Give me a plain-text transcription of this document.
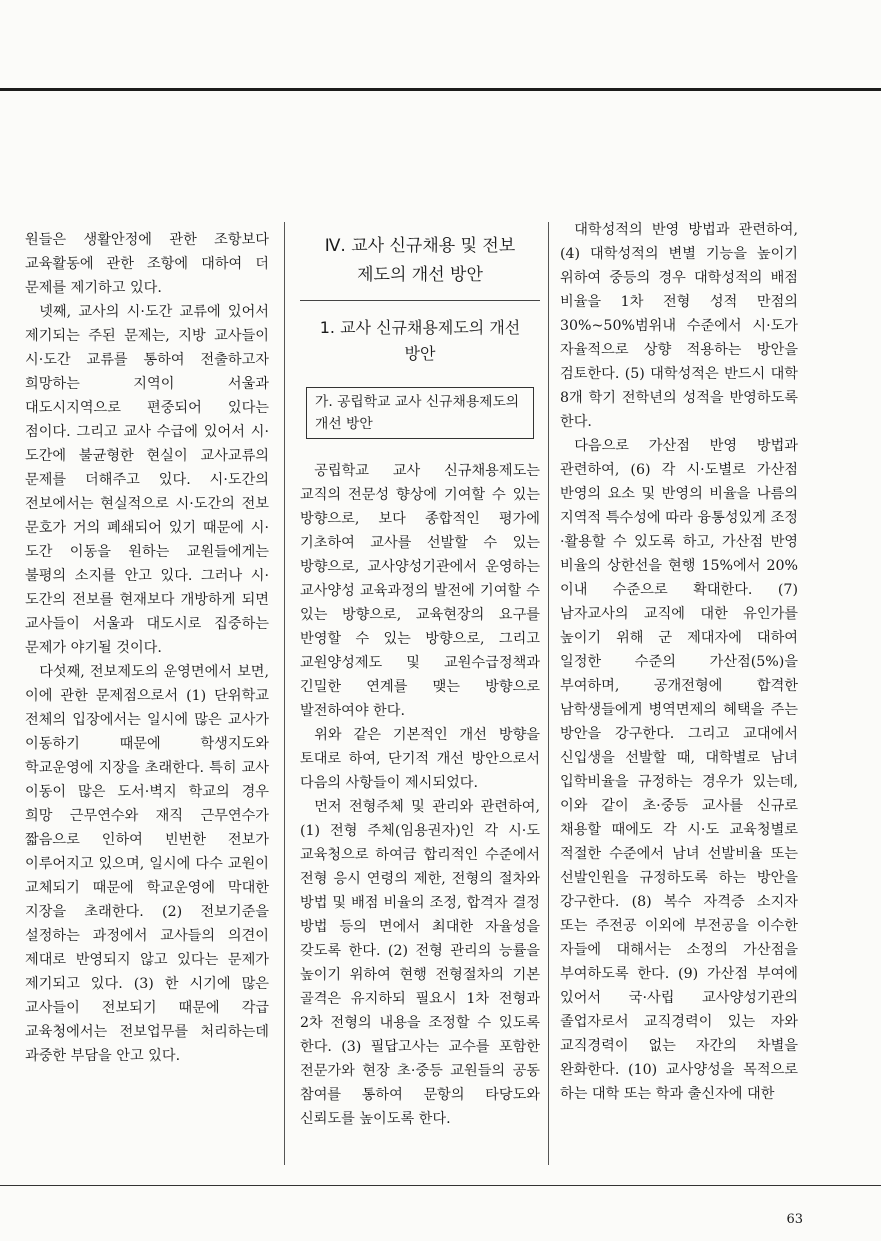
원들은 생활안정에 관한 조항보다 교육활동에 관한 조항에 대하여 더 문제를 제기하고 있다.

넷째, 교사의 시·도간 교류에 있어서 제기되는 주된 문제는, 지방 교사들이 시·도간 교류를 통하여 전출하고자 희망하는 지역이 서울과 대도시지역으로 편중되어 있다는 점이다. 그리고 교사 수급에 있어서 시·도간에 불균형한 현실이 교사교류의 문제를 더해주고 있다. 시·도간의 전보에서는 현실적으로 시·도간의 전보 문호가 거의 폐쇄되어 있기 때문에 시·도간 이동을 원하는 교원들에게는 불평의 소지를 안고 있다. 그러나 시·도간의 전보를 현재보다 개방하게 되면 교사들이 서울과 대도시로 집중하는 문제가 야기될 것이다.

다섯째, 전보제도의 운영면에서 보면, 이에 관한 문제점으로서 (1) 단위학교 전체의 입장에서는 일시에 많은 교사가 이동하기 때문에 학생지도와 학교운영에 지장을 초래한다. 특히 교사 이동이 많은 도서·벽지 학교의 경우 희망 근무연수와 재직 근무연수가 짧음으로 인하여 빈번한 전보가 이루어지고 있으며, 일시에 다수 교원이 교체되기 때문에 학교운영에 막대한 지장을 초래한다. (2) 전보기준을 설정하는 과정에서 교사들의 의견이 제대로 반영되지 않고 있다는 문제가 제기되고 있다. (3) 한 시기에 많은 교사들이 전보되기 때문에 각급 교육청에서는 전보업무를 처리하는데 과중한 부담을 안고 있다.

Ⅳ. 교사 신규채용 및 전보
제도의 개선 방안
1. 교사 신규채용제도의 개선
방안
가. 공립학교 교사 신규채용제도의 개선 방안

공립학교 교사 신규채용제도는 교직의 전문성 향상에 기여할 수 있는 방향으로, 보다 종합적인 평가에 기초하여 교사를 선발할 수 있는 방향으로, 교사양성기관에서 운영하는 교사양성 교육과정의 발전에 기여할 수 있는 방향으로, 교육현장의 요구를 반영할 수 있는 방향으로, 그리고 교원양성제도 및 교원수급정책과 긴밀한 연계를 맺는 방향으로 발전하여야 한다.

위와 같은 기본적인 개선 방향을 토대로 하여, 단기적 개선 방안으로서 다음의 사항들이 제시되었다.

먼저 전형주체 및 관리와 관련하여, (1) 전형 주체(임용권자)인 각 시·도 교육청으로 하여금 합리적인 수준에서 전형 응시 연령의 제한, 전형의 절차와 방법 및 배점 비율의 조정, 합격자 결정 방법 등의 면에서 최대한 자율성을 갖도록 한다. (2) 전형 관리의 능률을 높이기 위하여 현행 전형절차의 기본 골격은 유지하되 필요시 1차 전형과 2차 전형의 내용을 조정할 수 있도록 한다. (3) 필답고사는 교수를 포함한 전문가와 현장 초·중등 교원들의 공동 참여를 통하여 문항의 타당도와 신뢰도를 높이도록 한다.

대학성적의 반영 방법과 관련하여, (4) 대학성적의 변별 기능을 높이기 위하여 중등의 경우 대학성적의 배점 비율을 1차 전형 성적 만점의 30%~50%범위내 수준에서 시·도가 자율적으로 상향 적용하는 방안을 검토한다. (5) 대학성적은 반드시 대학 8개 학기 전학년의 성적을 반영하도록 한다.

다음으로 가산점 반영 방법과 관련하여, (6) 각 시·도별로 가산점 반영의 요소 및 반영의 비율을 나름의 지역적 특수성에 따라 융통성있게 조정·활용할 수 있도록 하고, 가산점 반영 비율의 상한선을 현행 15%에서 20%이내 수준으로 확대한다. (7) 남자교사의 교직에 대한 유인가를 높이기 위해 군 제대자에 대하여 일정한 수준의 가산점(5%)을 부여하며, 공개전형에 합격한 남학생들에게 병역면제의 혜택을 주는 방안을 강구한다. 그리고 교대에서 신입생을 선발할 때, 대학별로 남녀 입학비율을 규정하는 경우가 있는데, 이와 같이 초·중등 교사를 신규로 채용할 때에도 각 시·도 교육청별로 적절한 수준에서 남녀 선발비율 또는 선발인원을 규정하도록 하는 방안을 강구한다. (8) 복수 자격증 소지자 또는 주전공 이외에 부전공을 이수한 자들에 대해서는 소정의 가산점을 부여하도록 한다. (9) 가산점 부여에 있어서 국·사립 교사양성기관의 졸업자로서 교직경력이 있는 자와 교직경력이 없는 자간의 차별을 완화한다. (10) 교사양성을 목적으로 하는 대학 또는 학과 출신자에 대한

63
